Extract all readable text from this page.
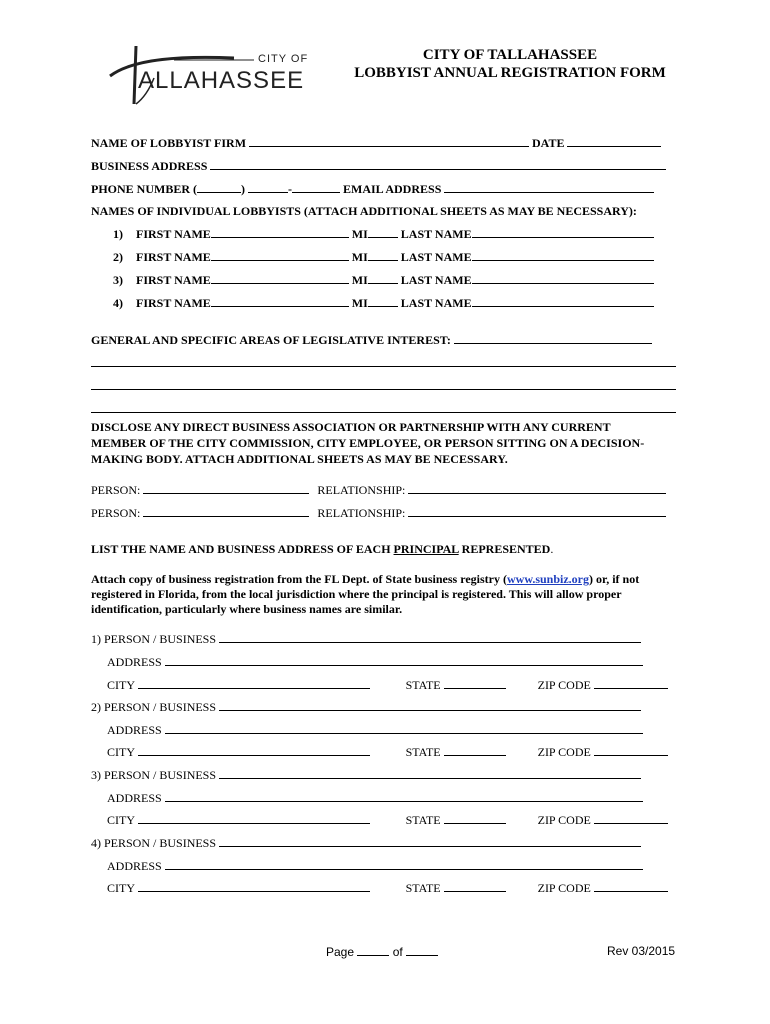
CITY OF
ALLAHASSEE
CITY OF TALLAHASSEE
LOBBYIST ANNUAL REGISTRATION FORM
NAME OF LOBBYIST FIRM	DATE
BUSINESS ADDRESS
PHONE NUMBER (	)	-	EMAIL ADDRESS
NAMES OF INDIVIDUAL LOBBYISTS (ATTACH ADDITIONAL SHEETS AS MAY BE NECESSARY):
1) FIRST NAME	MI	LAST NAME
2) FIRST NAME	MI	LAST NAME
3) FIRST NAME	MI	LAST NAME
4) FIRST NAME	MI	LAST NAME
GENERAL AND SPECIFIC AREAS OF LEGISLATIVE INTEREST:
DISCLOSE ANY DIRECT BUSINESS ASSOCIATION OR PARTNERSHIP WITH ANY CURRENT
MEMBER OF THE CITY COMMISSION, CITY EMPLOYEE, OR PERSON SITTING ON A DECISION-
MAKING BODY. ATTACH ADDITIONAL SHEETS AS MAY BE NECESSARY.
PERSON:	RELATIONSHIP:
PERSON:	RELATIONSHIP:
LIST THE NAME AND BUSINESS ADDRESS OF EACH PRINCIPAL REPRESENTED.
Attach copy of business registration from the FL Dept. of State business registry (www.sunbiz.org) or, if not
registered in Florida, from the local jurisdiction where the principal is registered. This will allow proper
identification, particularly where business names are similar.
1) PERSON / BUSINESS
ADDRESS
CITY	STATE	ZIP CODE
2) PERSON / BUSINESS
ADDRESS
CITY	STATE	ZIP CODE
3) PERSON / BUSINESS
ADDRESS
CITY	STATE	ZIP CODE
4) PERSON / BUSINESS
ADDRESS
CITY	STATE	ZIP CODE
Page	of	Rev 03/2015
